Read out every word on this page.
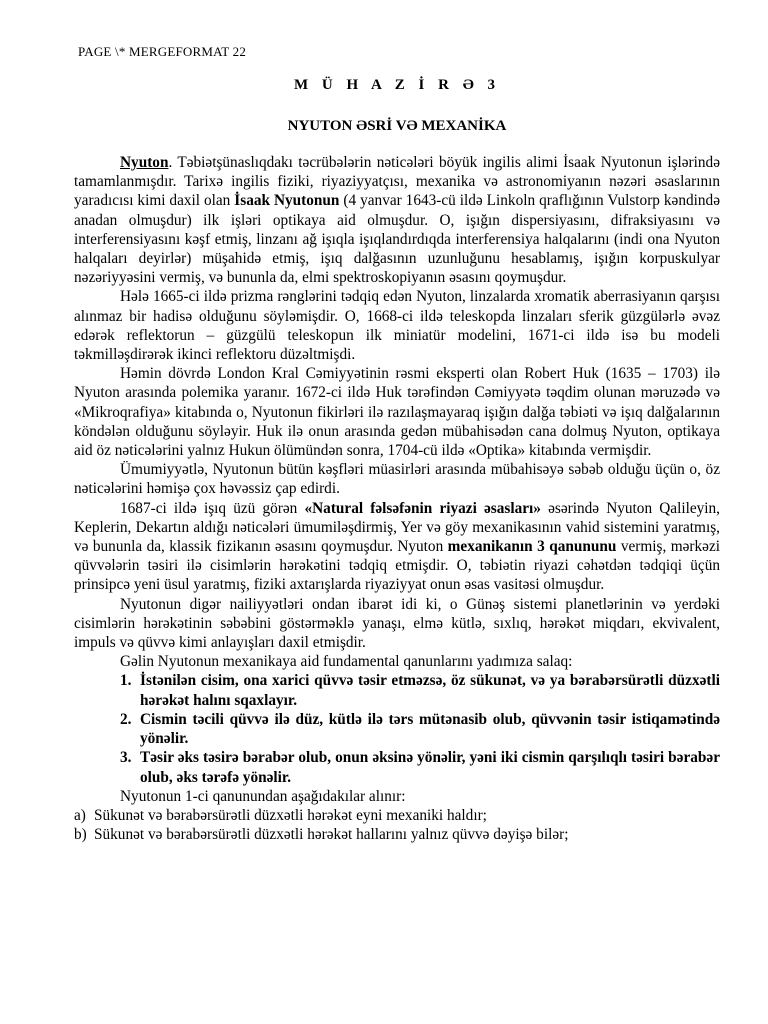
PAGE \* MERGEFORMAT 22
M Ü H A Z İ R Ə 3
NYUTON ƏSRİ VƏ MEXANİKA

Nyuton. Təbiətşünaslıqdakı təcrübələrin nəticələri böyük ingilis alimi İsaak Nyutonun işlərində tamamlanmışdır. Tarixə ingilis fiziki, riyaziyyatçısı, mexanika və astronomiyanın nəzəri əsaslarının yaradıcısı kimi daxil olan İsaak Nyutonun (4 yanvar 1643-cü ildə Linkoln qraflığının Vulstorp kəndində anadan olmuşdur) ilk işləri optikaya aid olmuşdur. O, işığın dispersiyasını, difraksiyasını və interferensiyasını kəşf etmiş, linzanı ağ işıqla işıqlandırdıqda interferensiya halqalarını (indi ona Nyuton halqaları deyirlər) müşahidə etmiş, işıq dalğasının uzunluğunu hesablamış, işığın korpuskulyar nəzəriyyəsini vermiş, və bununla da, elmi spektroskopiyanın əsasını qoymuşdur.

Hələ 1665-ci ildə prizma rənglərini tədqiq edən Nyuton, linzalarda xromatik aberrasiyanın qarşısı alınmaz bir hadisə olduğunu söyləmişdir. O, 1668-ci ildə teleskopda linzaları sferik güzgülərlə əvəz edərək reflektorun – güzgülü teleskopun ilk miniatür modelini, 1671-ci ildə isə bu modeli təkmilləşdirərək ikinci reflektoru düzəltmişdi.

Həmin dövrdə London Kral Cəmiyyətinin rəsmi eksperti olan Robert Huk (1635 – 1703) ilə Nyuton arasında polemika yaranır. 1672-ci ildə Huk tərəfindən Cəmiyyətə təqdim olunan məruzədə və «Mikroqrafiya» kitabında o, Nyutonun fikirləri ilə razılaşmayaraq işığın dalğa təbiəti və işıq dalğalarının köndələn olduğunu söyləyir. Huk ilə onun arasında gedən mübahisədən cana dolmuş Nyuton, optikaya aid öz nəticələrini yalnız Hukun ölümündən sonra, 1704-cü ildə «Optika» kitabında vermişdir.

Ümumiyyətlə, Nyutonun bütün kəşfləri müasirləri arasında mübahisəyə səbəb olduğu üçün o, öz nəticələrini həmişə çox həvəssiz çap edirdi.

1687-ci ildə işıq üzü görən «Natural fəlsəfənin riyazi əsasları» əsərində Nyuton Qalileyin, Keplerin, Dekartın aldığı nəticələri ümumiləşdirmiş, Yer və göy mexanikasının vahid sistemini yaratmış, və bununla da, klassik fizikanın əsasını qoymuşdur. Nyuton mexanikanın 3 qanununu vermiş, mərkəzi qüvvələrin təsiri ilə cisimlərin hərəkətini tədqiq etmişdir. O, təbiətin riyazi cəhətdən tədqiqi üçün prinsipcə yeni üsul yaratmış, fiziki axtarışlarda riyaziyyat onun əsas vasitəsi olmuşdur.

Nyutonun digər nailiyyətləri ondan ibarət idi ki, o Günəş sistemi planetlərinin və yerdəki cisimlərin hərəkətinin səbəbini göstərməklə yanaşı, elmə kütlə, sıxlıq, hərəkət miqdarı, ekvivalent, impuls və qüvvə kimi anlayışları daxil etmişdir.

Gəlin Nyutonun mexanikaya aid fundamental qanunlarını yadımıza salaq:

1. İstənilən cisim, ona xarici qüvvə təsir etməzsə, öz sükunət, və ya bərabərsürətli düzxətli hərəkət halını sqaxlayır.
2. Cismin təcili qüvvə ilə düz, kütlə ilə tərs mütənasib olub, qüvvənin təsir istiqamətində yönəlir.
3. Təsir əks təsirə bərabər olub, onun əksinə yönəlir, yəni iki cismin qarşılıqlı təsiri bərabər olub, əks tərəfə yönəlir.

Nyutonun 1-ci qanunundan aşağıdakılar alınır:

a) Sükunət və bərabərsürətli düzxətli hərəkət eyni mexaniki haldır;
b) Sükunət və bərabərsürətli düzxətli hərəkət hallarını yalnız qüvvə dəyişə bilər;
